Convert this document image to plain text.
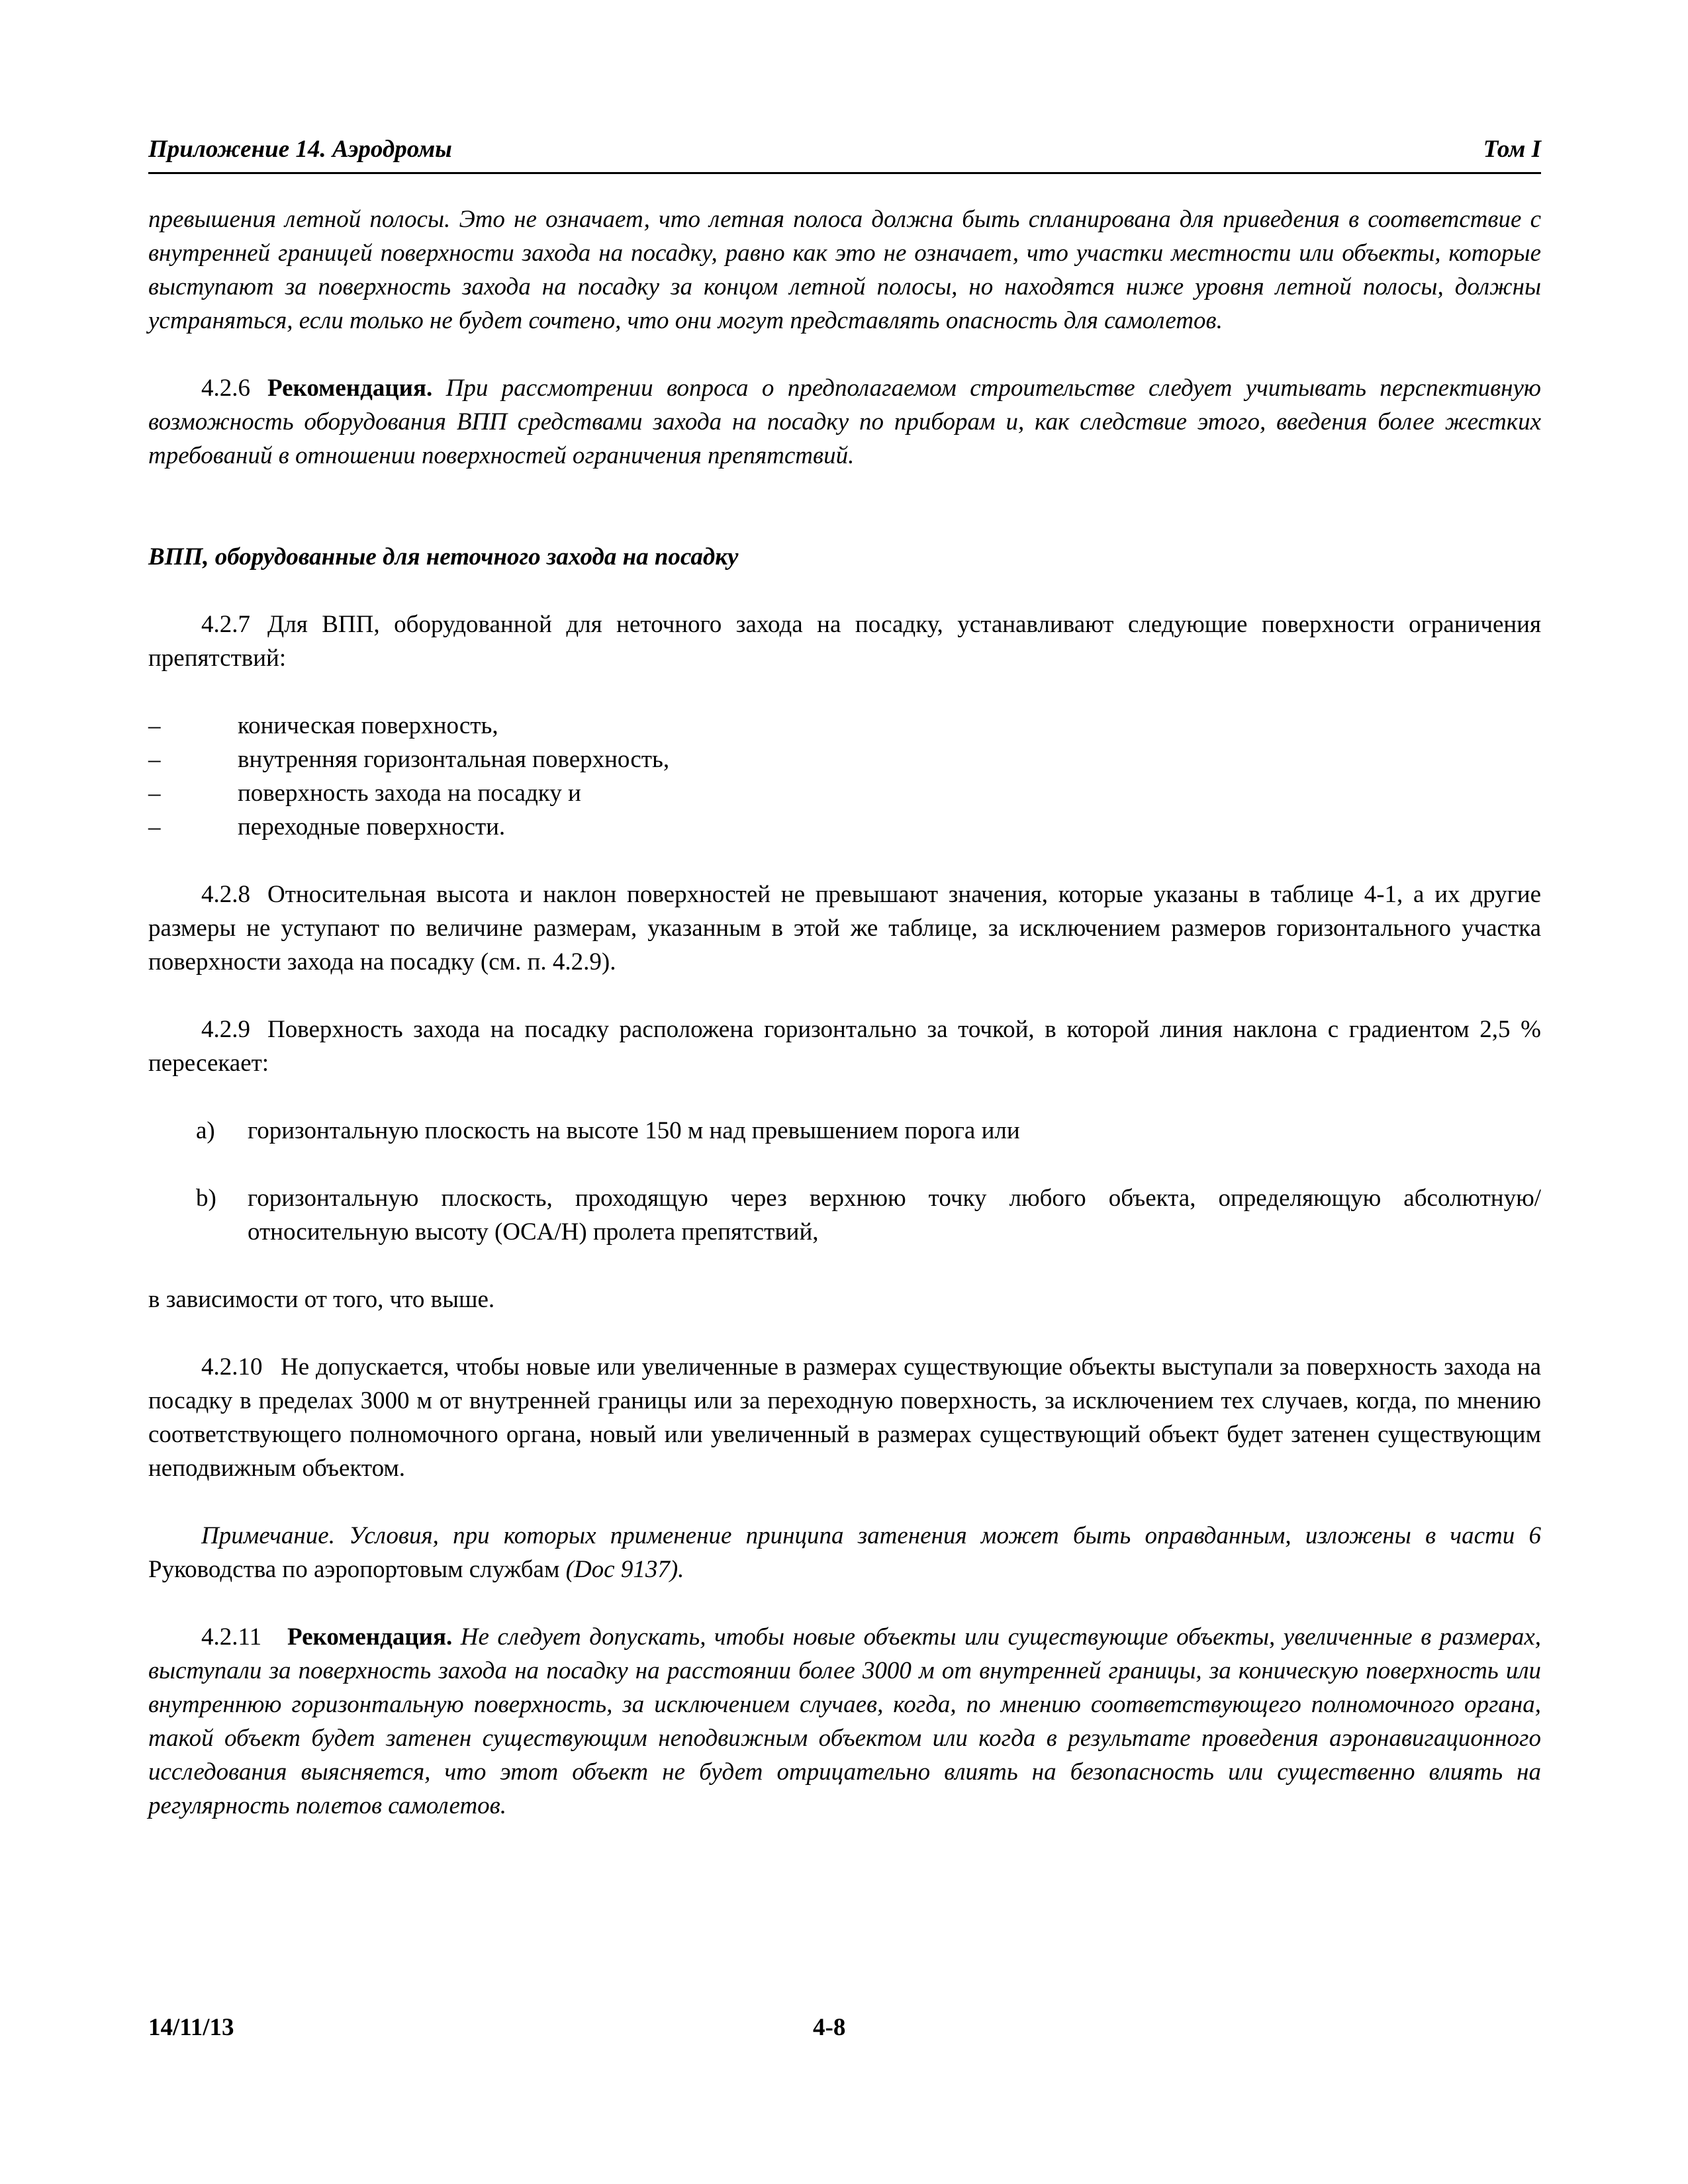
Приложение 14. Аэродромы	Том I

превышения летной полосы. Это не означает, что летная полоса должна быть спланирована для приведения в соответствие с внутренней границей поверхности захода на посадку, равно как это не означает, что участки местности или объекты, которые выступают за поверхность захода на посадку за концом летной полосы, но находятся ниже уровня летной полосы, должны устраняться, если только не будет сочтено, что они могут представлять опасность для самолетов.

4.2.6 Рекомендация. При рассмотрении вопроса о предполагаемом строительстве следует учитывать перспективную возможность оборудования ВПП средствами захода на посадку по приборам и, как следствие этого, введения более жестких требований в отношении поверхностей ограничения препятствий.

ВПП, оборудованные для неточного захода на посадку

4.2.7 Для ВПП, оборудованной для неточного захода на посадку, устанавливают следующие поверхности ограничения препятствий:

–	коническая поверхность,
–	внутренняя горизонтальная поверхность,
–	поверхность захода на посадку и
–	переходные поверхности.

4.2.8 Относительная высота и наклон поверхностей не превышают значения, которые указаны в таблице 4-1, а их другие размеры не уступают по величине размерам, указанным в этой же таблице, за исключением размеров горизонтального участка поверхности захода на посадку (см. п. 4.2.9).

4.2.9 Поверхность захода на посадку расположена горизонтально за точкой, в которой линия наклона с градиентом 2,5 % пересекает:

a) горизонтальную плоскость на высоте 150 м над превышением порога или

b) горизонтальную плоскость, проходящую через верхнюю точку любого объекта, определяющую абсолютную/относительную высоту (OCA/H) пролета препятствий,

в зависимости от того, что выше.

4.2.10 Не допускается, чтобы новые или увеличенные в размерах существующие объекты выступали за поверхность захода на посадку в пределах 3000 м от внутренней границы или за переходную поверхность, за исключением тех случаев, когда, по мнению соответствующего полномочного органа, новый или увеличенный в размерах существующий объект будет затенен существующим неподвижным объектом.

Примечание. Условия, при которых применение принципа затенения может быть оправданным, изложены в части 6 Руководства по аэропортовым службам (Doc 9137).

4.2.11 Рекомендация. Не следует допускать, чтобы новые объекты или существующие объекты, увеличенные в размерах, выступали за поверхность захода на посадку на расстоянии более 3000 м от внутренней границы, за коническую поверхность или внутреннюю горизонтальную поверхность, за исключением случаев, когда, по мнению соответствующего полномочного органа, такой объект будет затенен существующим неподвижным объектом или когда в результате проведения аэронавигационного исследования выясняется, что этот объект не будет отрицательно влиять на безопасность или существенно влиять на регулярность полетов самолетов.

14/11/13	4-8
